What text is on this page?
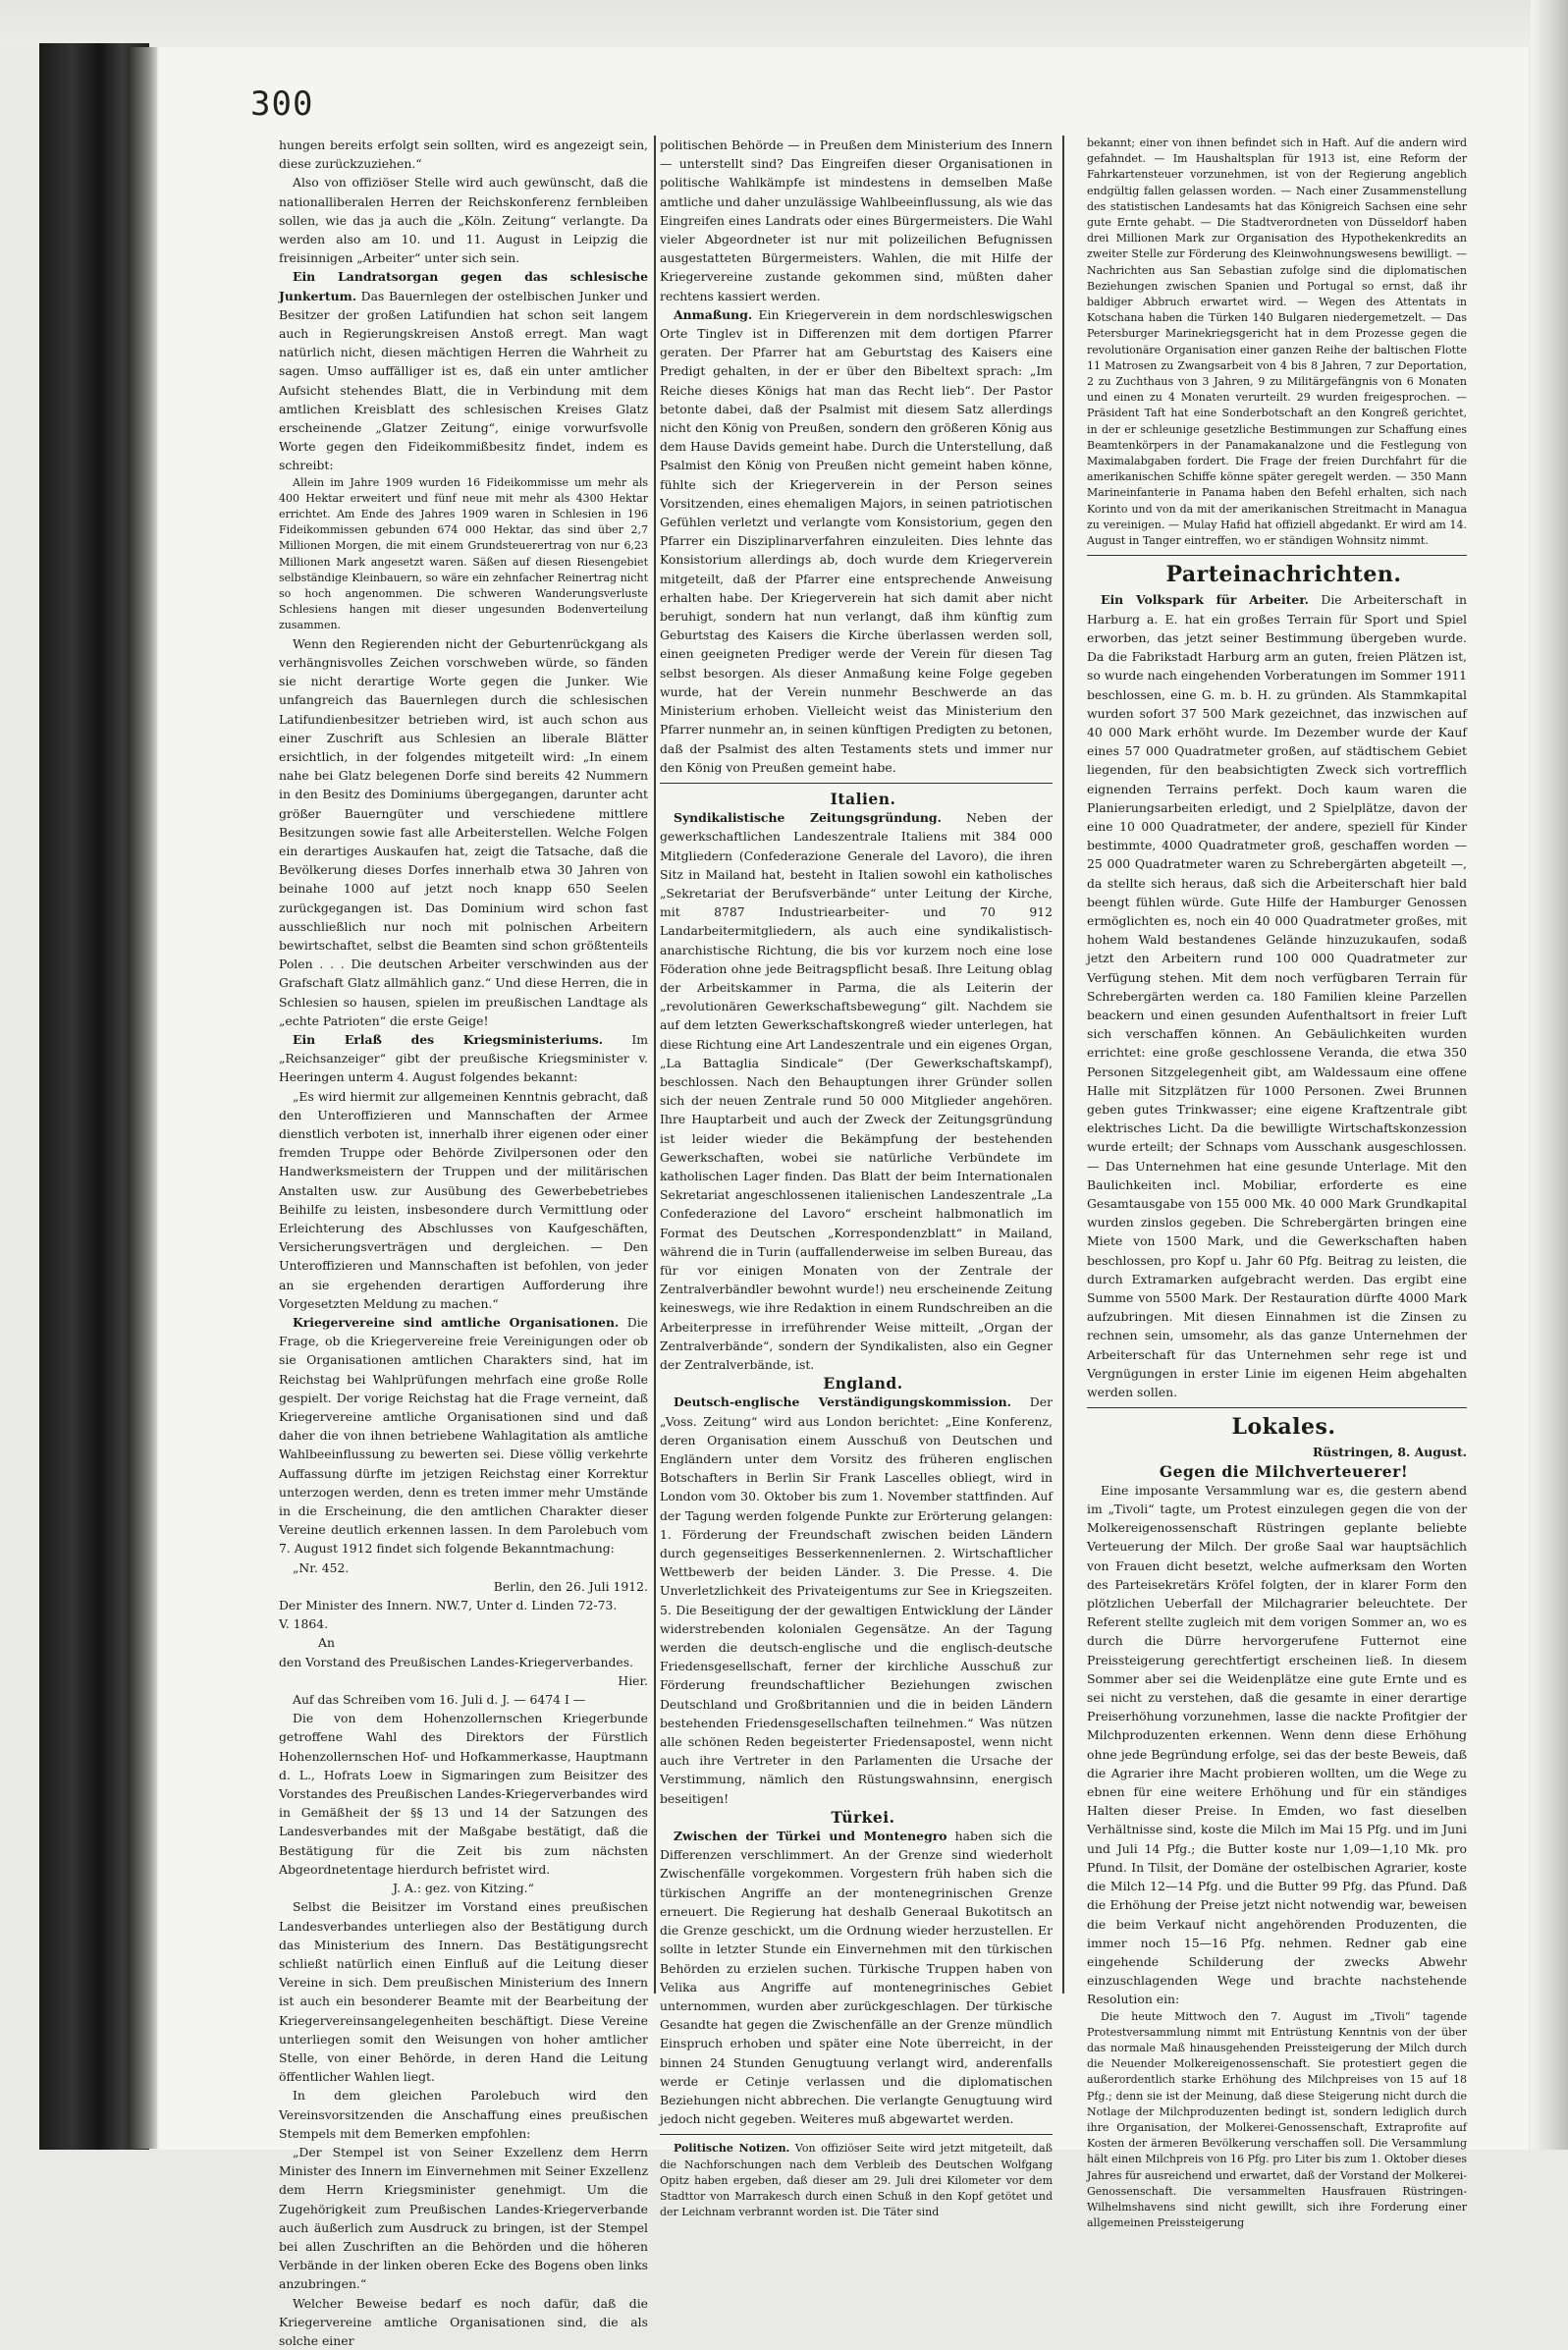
300

hungen bereits erfolgt sein sollten, wird es angezeigt sein, diese zurückzuziehen.“

Also von offiziöser Stelle wird auch gewünscht, daß die nationalliberalen Herren der Reichskonferenz fernbleiben sollen, wie das ja auch die „Köln. Zeitung“ verlangte. Da werden also am 10. und 11. August in Leipzig die freisinnigen „Arbeiter“ unter sich sein.

Ein Landratsorgan gegen das schlesische Junkertum. Das Bauernlegen der ostelbischen Junker und Besitzer der großen Latifundien hat schon seit langem auch in Regierungskreisen Anstoß erregt. Man wagt natürlich nicht, diesen mächtigen Herren die Wahrheit zu sagen. Umso auffälliger ist es, daß ein unter amtlicher Aufsicht stehendes Blatt, die in Verbindung mit dem amtlichen Kreisblatt des schlesischen Kreises Glatz erscheinende „Glatzer Zeitung“, einige vorwurfsvolle Worte gegen den Fideikommißbesitz findet, indem es schreibt:

Allein im Jahre 1909 wurden 16 Fideikommisse um mehr als 400 Hektar erweitert und fünf neue mit mehr als 4300 Hektar errichtet. Am Ende des Jahres 1909 waren in Schlesien in 196 Fideikommissen gebunden 674 000 Hektar, das sind über 2,7 Millionen Morgen, die mit einem Grundsteuerertrag von nur 6,23 Millionen Mark angesetzt waren. Säßen auf diesen Riesengebiet selbständige Kleinbauern, so wäre ein zehnfacher Reinertrag nicht so hoch angenommen. Die schweren Wanderungsverluste Schlesiens hangen mit dieser ungesunden Bodenverteilung zusammen.

Wenn den Regierenden nicht der Geburtenrückgang als verhängnisvolles Zeichen vorschweben würde, so fänden sie nicht derartige Worte gegen die Junker. Wie unfangreich das Bauernlegen durch die schlesischen Latifundienbesitzer betrieben wird, ist auch schon aus einer Zuschrift aus Schlesien an liberale Blätter ersichtlich, in der folgendes mitgeteilt wird: „In einem nahe bei Glatz belegenen Dorfe sind bereits 42 Nummern in den Besitz des Dominiums übergegangen, darunter acht größer Bauerngüter und verschiedene mittlere Besitzungen sowie fast alle Arbeiterstellen. Welche Folgen ein derartiges Auskaufen hat, zeigt die Tatsache, daß die Bevölkerung dieses Dorfes innerhalb etwa 30 Jahren von beinahe 1000 auf jetzt noch knapp 650 Seelen zurückgegangen ist. Das Dominium wird schon fast ausschließlich nur noch mit polnischen Arbeitern bewirtschaftet, selbst die Beamten sind schon größtenteils Polen . . . Die deutschen Arbeiter verschwinden aus der Grafschaft Glatz allmählich ganz.“ Und diese Herren, die in Schlesien so hausen, spielen im preußischen Landtage als „echte Patrioten“ die erste Geige!

Ein Erlaß des Kriegsministeriums. Im „Reichsanzeiger“ gibt der preußische Kriegsminister v. Heeringen unterm 4. August folgendes bekannt:

„Es wird hiermit zur allgemeinen Kenntnis gebracht, daß den Unteroffizieren und Mannschaften der Armee dienstlich verboten ist, innerhalb ihrer eigenen oder einer fremden Truppe oder Behörde Zivilpersonen oder den Handwerksmeistern der Truppen und der militärischen Anstalten usw. zur Ausübung des Gewerbebetriebes Beihilfe zu leisten, insbesondere durch Vermittlung oder Erleichterung des Abschlusses von Kaufgeschäften, Versicherungsverträgen und dergleichen. — Den Unteroffizieren und Mannschaften ist befohlen, von jeder an sie ergehenden derartigen Aufforderung ihre Vorgesetzten Meldung zu machen.“

Kriegervereine sind amtliche Organisationen. Die Frage, ob die Kriegervereine freie Vereinigungen oder ob sie Organisationen amtlichen Charakters sind, hat im Reichstag bei Wahlprüfungen mehrfach eine große Rolle gespielt. Der vorige Reichstag hat die Frage verneint, daß Kriegervereine amtliche Organisationen sind und daß daher die von ihnen betriebene Wahlagitation als amtliche Wahlbeeinflussung zu bewerten sei. Diese völlig verkehrte Auffassung dürfte im jetzigen Reichstag einer Korrektur unterzogen werden, denn es treten immer mehr Umstände in die Erscheinung, die den amtlichen Charakter dieser Vereine deutlich erkennen lassen. In dem Parolebuch vom 7. August 1912 findet sich folgende Bekanntmachung:

„Nr. 452.

Berlin, den 26. Juli 1912.

Der Minister des Innern. NW.7, Unter d. Linden 72-73.

V. 1864.

An

den Vorstand des Preußischen Landes-Kriegerverbandes.

Hier.

Auf das Schreiben vom 16. Juli d. J. — 6474 I —

Die von dem Hohenzollernschen Kriegerbunde getroffene Wahl des Direktors der Fürstlich Hohenzollernschen Hof- und Hofkammerkasse, Hauptmann d. L., Hofrats Loew in Sigmaringen zum Beisitzer des Vorstandes des Preußischen Landes-Kriegerverbandes wird in Gemäßheit der §§ 13 und 14 der Satzungen des Landesverbandes mit der Maßgabe bestätigt, daß die Bestätigung für die Zeit bis zum nächsten Abgeordnetentage hierdurch befristet wird.

J. A.: gez. von Kitzing.“

Selbst die Beisitzer im Vorstand eines preußischen Landesverbandes unterliegen also der Bestätigung durch das Ministerium des Innern. Das Bestätigungsrecht schließt natürlich einen Einfluß auf die Leitung dieser Vereine in sich. Dem preußischen Ministerium des Innern ist auch ein besonderer Beamte mit der Bearbeitung der Kriegervereinsangelegenheiten beschäftigt. Diese Vereine unterliegen somit den Weisungen von hoher amtlicher Stelle, von einer Behörde, in deren Hand die Leitung öffentlicher Wahlen liegt.

In dem gleichen Parolebuch wird den Vereinsvorsitzenden die Anschaffung eines preußischen Stempels mit dem Bemerken empfohlen:

„Der Stempel ist von Seiner Exzellenz dem Herrn Minister des Innern im Einvernehmen mit Seiner Exzellenz dem Herrn Kriegsminister genehmigt. Um die Zugehörigkeit zum Preußischen Landes-Kriegerverbande auch äußerlich zum Ausdruck zu bringen, ist der Stempel bei allen Zuschriften an die Behörden und die höheren Verbände in der linken oberen Ecke des Bogens oben links anzubringen.“

Welcher Beweise bedarf es noch dafür, daß die Kriegervereine amtliche Organisationen sind, die als solche einer

politischen Behörde — in Preußen dem Ministerium des Innern — unterstellt sind? Das Eingreifen dieser Organisationen in politische Wahlkämpfe ist mindestens in demselben Maße amtliche und daher unzulässige Wahlbeeinflussung, als wie das Eingreifen eines Landrats oder eines Bürgermeisters. Die Wahl vieler Abgeordneter ist nur mit polizeilichen Befugnissen ausgestatteten Bürgermeisters. Wahlen, die mit Hilfe der Kriegervereine zustande gekommen sind, müßten daher rechtens kassiert werden.

Anmaßung. Ein Kriegerverein in dem nordschleswigschen Orte Tinglev ist in Differenzen mit dem dortigen Pfarrer geraten. Der Pfarrer hat am Geburtstag des Kaisers eine Predigt gehalten, in der er über den Bibeltext sprach: „Im Reiche dieses Königs hat man das Recht lieb“. Der Pastor betonte dabei, daß der Psalmist mit diesem Satz allerdings nicht den König von Preußen, sondern den größeren König aus dem Hause Davids gemeint habe. Durch die Unterstellung, daß Psalmist den König von Preußen nicht gemeint haben könne, fühlte sich der Kriegerverein in der Person seines Vorsitzenden, eines ehemaligen Majors, in seinen patriotischen Gefühlen verletzt und verlangte vom Konsistorium, gegen den Pfarrer ein Disziplinarverfahren einzuleiten. Dies lehnte das Konsistorium allerdings ab, doch wurde dem Kriegerverein mitgeteilt, daß der Pfarrer eine entsprechende Anweisung erhalten habe. Der Kriegerverein hat sich damit aber nicht beruhigt, sondern hat nun verlangt, daß ihm künftig zum Geburtstag des Kaisers die Kirche überlassen werden soll, einen geeigneten Prediger werde der Verein für diesen Tag selbst besorgen. Als dieser Anmaßung keine Folge gegeben wurde, hat der Verein nunmehr Beschwerde an das Ministerium erhoben. Vielleicht weist das Ministerium den Pfarrer nunmehr an, in seinen künftigen Predigten zu betonen, daß der Psalmist des alten Testaments stets und immer nur den König von Preußen gemeint habe.

Italien.

Syndikalistische Zeitungsgründung. Neben der gewerkschaftlichen Landeszentrale Italiens mit 384 000 Mitgliedern (Confederazione Generale del Lavoro), die ihren Sitz in Mailand hat, besteht in Italien sowohl ein katholisches „Sekretariat der Berufsverbände“ unter Leitung der Kirche, mit 8787 Industriearbeiter- und 70 912 Landarbeitermitgliedern, als auch eine syndikalistisch-anarchistische Richtung, die bis vor kurzem noch eine lose Föderation ohne jede Beitragspflicht besaß. Ihre Leitung oblag der Arbeitskammer in Parma, die als Leiterin der „revolutionären Gewerkschaftsbewegung“ gilt. Nachdem sie auf dem letzten Gewerkschaftskongreß wieder unterlegen, hat diese Richtung eine Art Landeszentrale und ein eigenes Organ, „La Battaglia Sindicale“ (Der Gewerkschaftskampf), beschlossen. Nach den Behauptungen ihrer Gründer sollen sich der neuen Zentrale rund 50 000 Mitglieder angehören. Ihre Hauptarbeit und auch der Zweck der Zeitungsgründung ist leider wieder die Bekämpfung der bestehenden Gewerkschaften, wobei sie natürliche Verbündete im katholischen Lager finden. Das Blatt der beim Internationalen Sekretariat angeschlossenen italienischen Landeszentrale „La Confederazione del Lavoro“ erscheint halbmonatlich im Format des Deutschen „Korrespondenzblatt“ in Mailand, während die in Turin (auffallenderweise im selben Bureau, das für vor einigen Monaten von der Zentrale der Zentralverbändler bewohnt wurde!) neu erscheinende Zeitung keineswegs, wie ihre Redaktion in einem Rundschreiben an die Arbeiterpresse in irreführender Weise mitteilt, „Organ der Zentralverbände“, sondern der Syndikalisten, also ein Gegner der Zentralverbände, ist.

England.

Deutsch-englische Verständigungskommission. Der „Voss. Zeitung“ wird aus London berichtet: „Eine Konferenz, deren Organisation einem Ausschuß von Deutschen und Engländern unter dem Vorsitz des früheren englischen Botschafters in Berlin Sir Frank Lascelles obliegt, wird in London vom 30. Oktober bis zum 1. November stattfinden. Auf der Tagung werden folgende Punkte zur Erörterung gelangen: 1. Förderung der Freundschaft zwischen beiden Ländern durch gegenseitiges Besserkennenlernen. 2. Wirtschaftlicher Wettbewerb der beiden Länder. 3. Die Presse. 4. Die Unverletzlichkeit des Privateigentums zur See in Kriegszeiten. 5. Die Beseitigung der der gewaltigen Entwicklung der Länder widerstrebenden kolonialen Gegensätze. An der Tagung werden die deutsch-englische und die englisch-deutsche Friedensgesellschaft, ferner der kirchliche Ausschuß zur Förderung freundschaftlicher Beziehungen zwischen Deutschland und Großbritannien und die in beiden Ländern bestehenden Friedensgesellschaften teilnehmen.“ Was nützen alle schönen Reden begeisterter Friedensapostel, wenn nicht auch ihre Vertreter in den Parlamenten die Ursache der Verstimmung, nämlich den Rüstungswahnsinn, energisch beseitigen!

Türkei.

Zwischen der Türkei und Montenegro haben sich die Differenzen verschlimmert. An der Grenze sind wiederholt Zwischenfälle vorgekommen. Vorgestern früh haben sich die türkischen Angriffe an der montenegrinischen Grenze erneuert. Die Regierung hat deshalb Generaal Bukotitsch an die Grenze geschickt, um die Ordnung wieder herzustellen. Er sollte in letzter Stunde ein Einvernehmen mit den türkischen Behörden zu erzielen suchen. Türkische Truppen haben von Velika aus Angriffe auf montenegrinisches Gebiet unternommen, wurden aber zurückgeschlagen. Der türkische Gesandte hat gegen die Zwischenfälle an der Grenze mündlich Einspruch erhoben und später eine Note überreicht, in der binnen 24 Stunden Genugtuung verlangt wird, anderenfalls werde er Cetinje verlassen und die diplomatischen Beziehungen nicht abbrechen. Die verlangte Genugtuung wird jedoch nicht gegeben. Weiteres muß abgewartet werden.

Politische Notizen. Von offiziöser Seite wird jetzt mitgeteilt, daß die Nachforschungen nach dem Verbleib des Deutschen Wolfgang Opitz haben ergeben, daß dieser am 29. Juli drei Kilometer vor dem Stadttor von Marrakesch durch einen Schuß in den Kopf getötet und der Leichnam verbrannt worden ist. Die Täter sind

bekannt; einer von ihnen befindet sich in Haft. Auf die andern wird gefahndet. — Im Haushaltsplan für 1913 ist, eine Reform der Fahrkartensteuer vorzunehmen, ist von der Regierung angeblich endgültig fallen gelassen worden. — Nach einer Zusammenstellung des statistischen Landesamts hat das Königreich Sachsen eine sehr gute Ernte gehabt. — Die Stadtverordneten von Düsseldorf haben drei Millionen Mark zur Organisation des Hypothekenkredits an zweiter Stelle zur Förderung des Kleinwohnungswesens bewilligt. — Nachrichten aus San Sebastian zufolge sind die diplomatischen Beziehungen zwischen Spanien und Portugal so ernst, daß ihr baldiger Abbruch erwartet wird. — Wegen des Attentats in Kotschana haben die Türken 140 Bulgaren niedergemetzelt. — Das Petersburger Marinekriegsgericht hat in dem Prozesse gegen die revolutionäre Organisation einer ganzen Reihe der baltischen Flotte 11 Matrosen zu Zwangsarbeit von 4 bis 8 Jahren, 7 zur Deportation, 2 zu Zuchthaus von 3 Jahren, 9 zu Militärgefängnis von 6 Monaten und einen zu 4 Monaten verurteilt. 29 wurden freigesprochen. — Präsident Taft hat eine Sonderbotschaft an den Kongreß gerichtet, in der er schleunige gesetzliche Bestimmungen zur Schaffung eines Beamtenkörpers in der Panamakanalzone und die Festlegung von Maximalabgaben fordert. Die Frage der freien Durchfahrt für die amerikanischen Schiffe könne später geregelt werden. — 350 Mann Marineinfanterie in Panama haben den Befehl erhalten, sich nach Korinto und von da mit der amerikanischen Streitmacht in Managua zu vereinigen. — Mulay Hafid hat offiziell abgedankt. Er wird am 14. August in Tanger eintreffen, wo er ständigen Wohnsitz nimmt.

Parteinachrichten.

Ein Volkspark für Arbeiter. Die Arbeiterschaft in Harburg a. E. hat ein großes Terrain für Sport und Spiel erworben, das jetzt seiner Bestimmung übergeben wurde. Da die Fabrikstadt Harburg arm an guten, freien Plätzen ist, so wurde nach eingehenden Vorberatungen im Sommer 1911 beschlossen, eine G. m. b. H. zu gründen. Als Stammkapital wurden sofort 37 500 Mark gezeichnet, das inzwischen auf 40 000 Mark erhöht wurde. Im Dezember wurde der Kauf eines 57 000 Quadratmeter großen, auf städtischem Gebiet liegenden, für den beabsichtigten Zweck sich vortrefflich eignenden Terrains perfekt. Doch kaum waren die Planierungsarbeiten erledigt, und 2 Spielplätze, davon der eine 10 000 Quadratmeter, der andere, speziell für Kinder bestimmte, 4000 Quadratmeter groß, geschaffen worden — 25 000 Quadratmeter waren zu Schrebergärten abgeteilt —, da stellte sich heraus, daß sich die Arbeiterschaft hier bald beengt fühlen würde. Gute Hilfe der Hamburger Genossen ermöglichten es, noch ein 40 000 Quadratmeter großes, mit hohem Wald bestandenes Gelände hinzuzukaufen, sodaß jetzt den Arbeitern rund 100 000 Quadratmeter zur Verfügung stehen. Mit dem noch verfügbaren Terrain für Schrebergärten werden ca. 180 Familien kleine Parzellen beackern und einen gesunden Aufenthaltsort in freier Luft sich verschaffen können. An Gebäulichkeiten wurden errichtet: eine große geschlossene Veranda, die etwa 350 Personen Sitzgelegenheit gibt, am Waldessaum eine offene Halle mit Sitzplätzen für 1000 Personen. Zwei Brunnen geben gutes Trinkwasser; eine eigene Kraftzentrale gibt elektrisches Licht. Da die bewilligte Wirtschaftskonzession wurde erteilt; der Schnaps vom Ausschank ausgeschlossen. — Das Unternehmen hat eine gesunde Unterlage. Mit den Baulichkeiten incl. Mobiliar, erforderte es eine Gesamtausgabe von 155 000 Mk. 40 000 Mark Grundkapital wurden zinslos gegeben. Die Schrebergärten bringen eine Miete von 1500 Mark, und die Gewerkschaften haben beschlossen, pro Kopf u. Jahr 60 Pfg. Beitrag zu leisten, die durch Extramarken aufgebracht werden. Das ergibt eine Summe von 5500 Mark. Der Restauration dürfte 4000 Mark aufzubringen. Mit diesen Einnahmen ist die Zinsen zu rechnen sein, umsomehr, als das ganze Unternehmen der Arbeiterschaft für das Unternehmen sehr rege ist und Vergnügungen in erster Linie im eigenen Heim abgehalten werden sollen.

Lokales.

Rüstringen, 8. August.

Gegen die Milchverteuerer!

Eine imposante Versammlung war es, die gestern abend im „Tivoli“ tagte, um Protest einzulegen gegen die von der Molkereigenossenschaft Rüstringen geplante beliebte Verteuerung der Milch. Der große Saal war hauptsächlich von Frauen dicht besetzt, welche aufmerksam den Worten des Parteisekretärs Kröfel folgten, der in klarer Form den plötzlichen Ueberfall der Milchagrarier beleuchtete. Der Referent stellte zugleich mit dem vorigen Sommer an, wo es durch die Dürre hervorgerufene Futternot eine Preissteigerung gerechtfertigt erscheinen ließ. In diesem Sommer aber sei die Weidenplätze eine gute Ernte und es sei nicht zu verstehen, daß die gesamte in einer derartige Preiserhöhung vorzunehmen, lasse die nackte Profitgier der Milchproduzenten erkennen. Wenn denn diese Erhöhung ohne jede Begründung erfolge, sei das der beste Beweis, daß die Agrarier ihre Macht probieren wollten, um die Wege zu ebnen für eine weitere Erhöhung und für ein ständiges Halten dieser Preise. In Emden, wo fast dieselben Verhältnisse sind, koste die Milch im Mai 15 Pfg. und im Juni und Juli 14 Pfg.; die Butter koste nur 1,09—1,10 Mk. pro Pfund. In Tilsit, der Domäne der ostelbischen Agrarier, koste die Milch 12—14 Pfg. und die Butter 99 Pfg. das Pfund. Daß die Erhöhung der Preise jetzt nicht notwendig war, beweisen die beim Verkauf nicht angehörenden Produzenten, die immer noch 15—16 Pfg. nehmen. Redner gab eine eingehende Schilderung der zwecks Abwehr einzuschlagenden Wege und brachte nachstehende Resolution ein:

Die heute Mittwoch den 7. August im „Tivoli“ tagende Protestversammlung nimmt mit Entrüstung Kenntnis von der über das normale Maß hinausgehenden Preissteigerung der Milch durch die Neuender Molkereigenossenschaft. Sie protestiert gegen die außerordentlich starke Erhöhung des Milchpreises von 15 auf 18 Pfg.; denn sie ist der Meinung, daß diese Steigerung nicht durch die Notlage der Milchproduzenten bedingt ist, sondern lediglich durch ihre Organisation, der Molkerei-Genossenschaft, Extraprofite auf Kosten der ärmeren Bevölkerung verschaffen soll. Die Versammlung hält einen Milchpreis von 16 Pfg. pro Liter bis zum 1. Oktober dieses Jahres für ausreichend und erwartet, daß der Vorstand der Molkerei-Genossenschaft. Die versammelten Hausfrauen Rüstringen-Wilhelmshavens sind nicht gewillt, sich ihre Forderung einer allgemeinen Preissteigerung
